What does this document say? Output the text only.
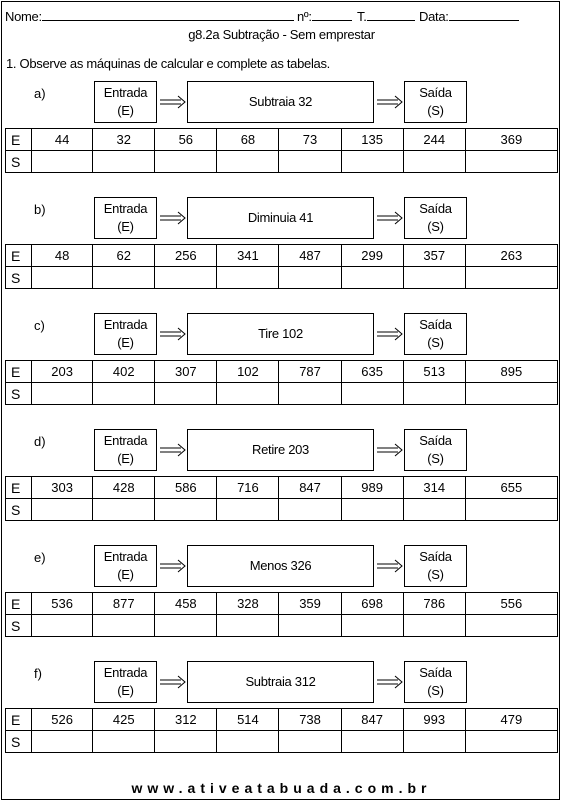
Nome:	nº:	T.	Data:
g8.2a Subtração - Sem emprestar
1. Observe as máquinas de calcular e complete as tabelas.
a)	Entrada
(E)
Subtraia 32
Saída
(S)
E	44	32	56	68	73	135	244	369
S								
b)	Entrada
(E)
Diminuia 41
Saída
(S)
E	48	62	256	341	487	299	357	263
S								
c)	Entrada
(E)
Tire 102
Saída
(S)
E	203	402	307	102	787	635	513	895
S								
d)	Entrada
(E)
Retire 203
Saída
(S)
E	303	428	586	716	847	989	314	655
S								
e)	Entrada
(E)
Menos 326
Saída
(S)
E	536	877	458	328	359	698	786	556
S								
f)	Entrada
(E)
Subtraia 312
Saída
(S)
E	526	425	312	514	738	847	993	479
S								
www.ativeatabuada.com.br
